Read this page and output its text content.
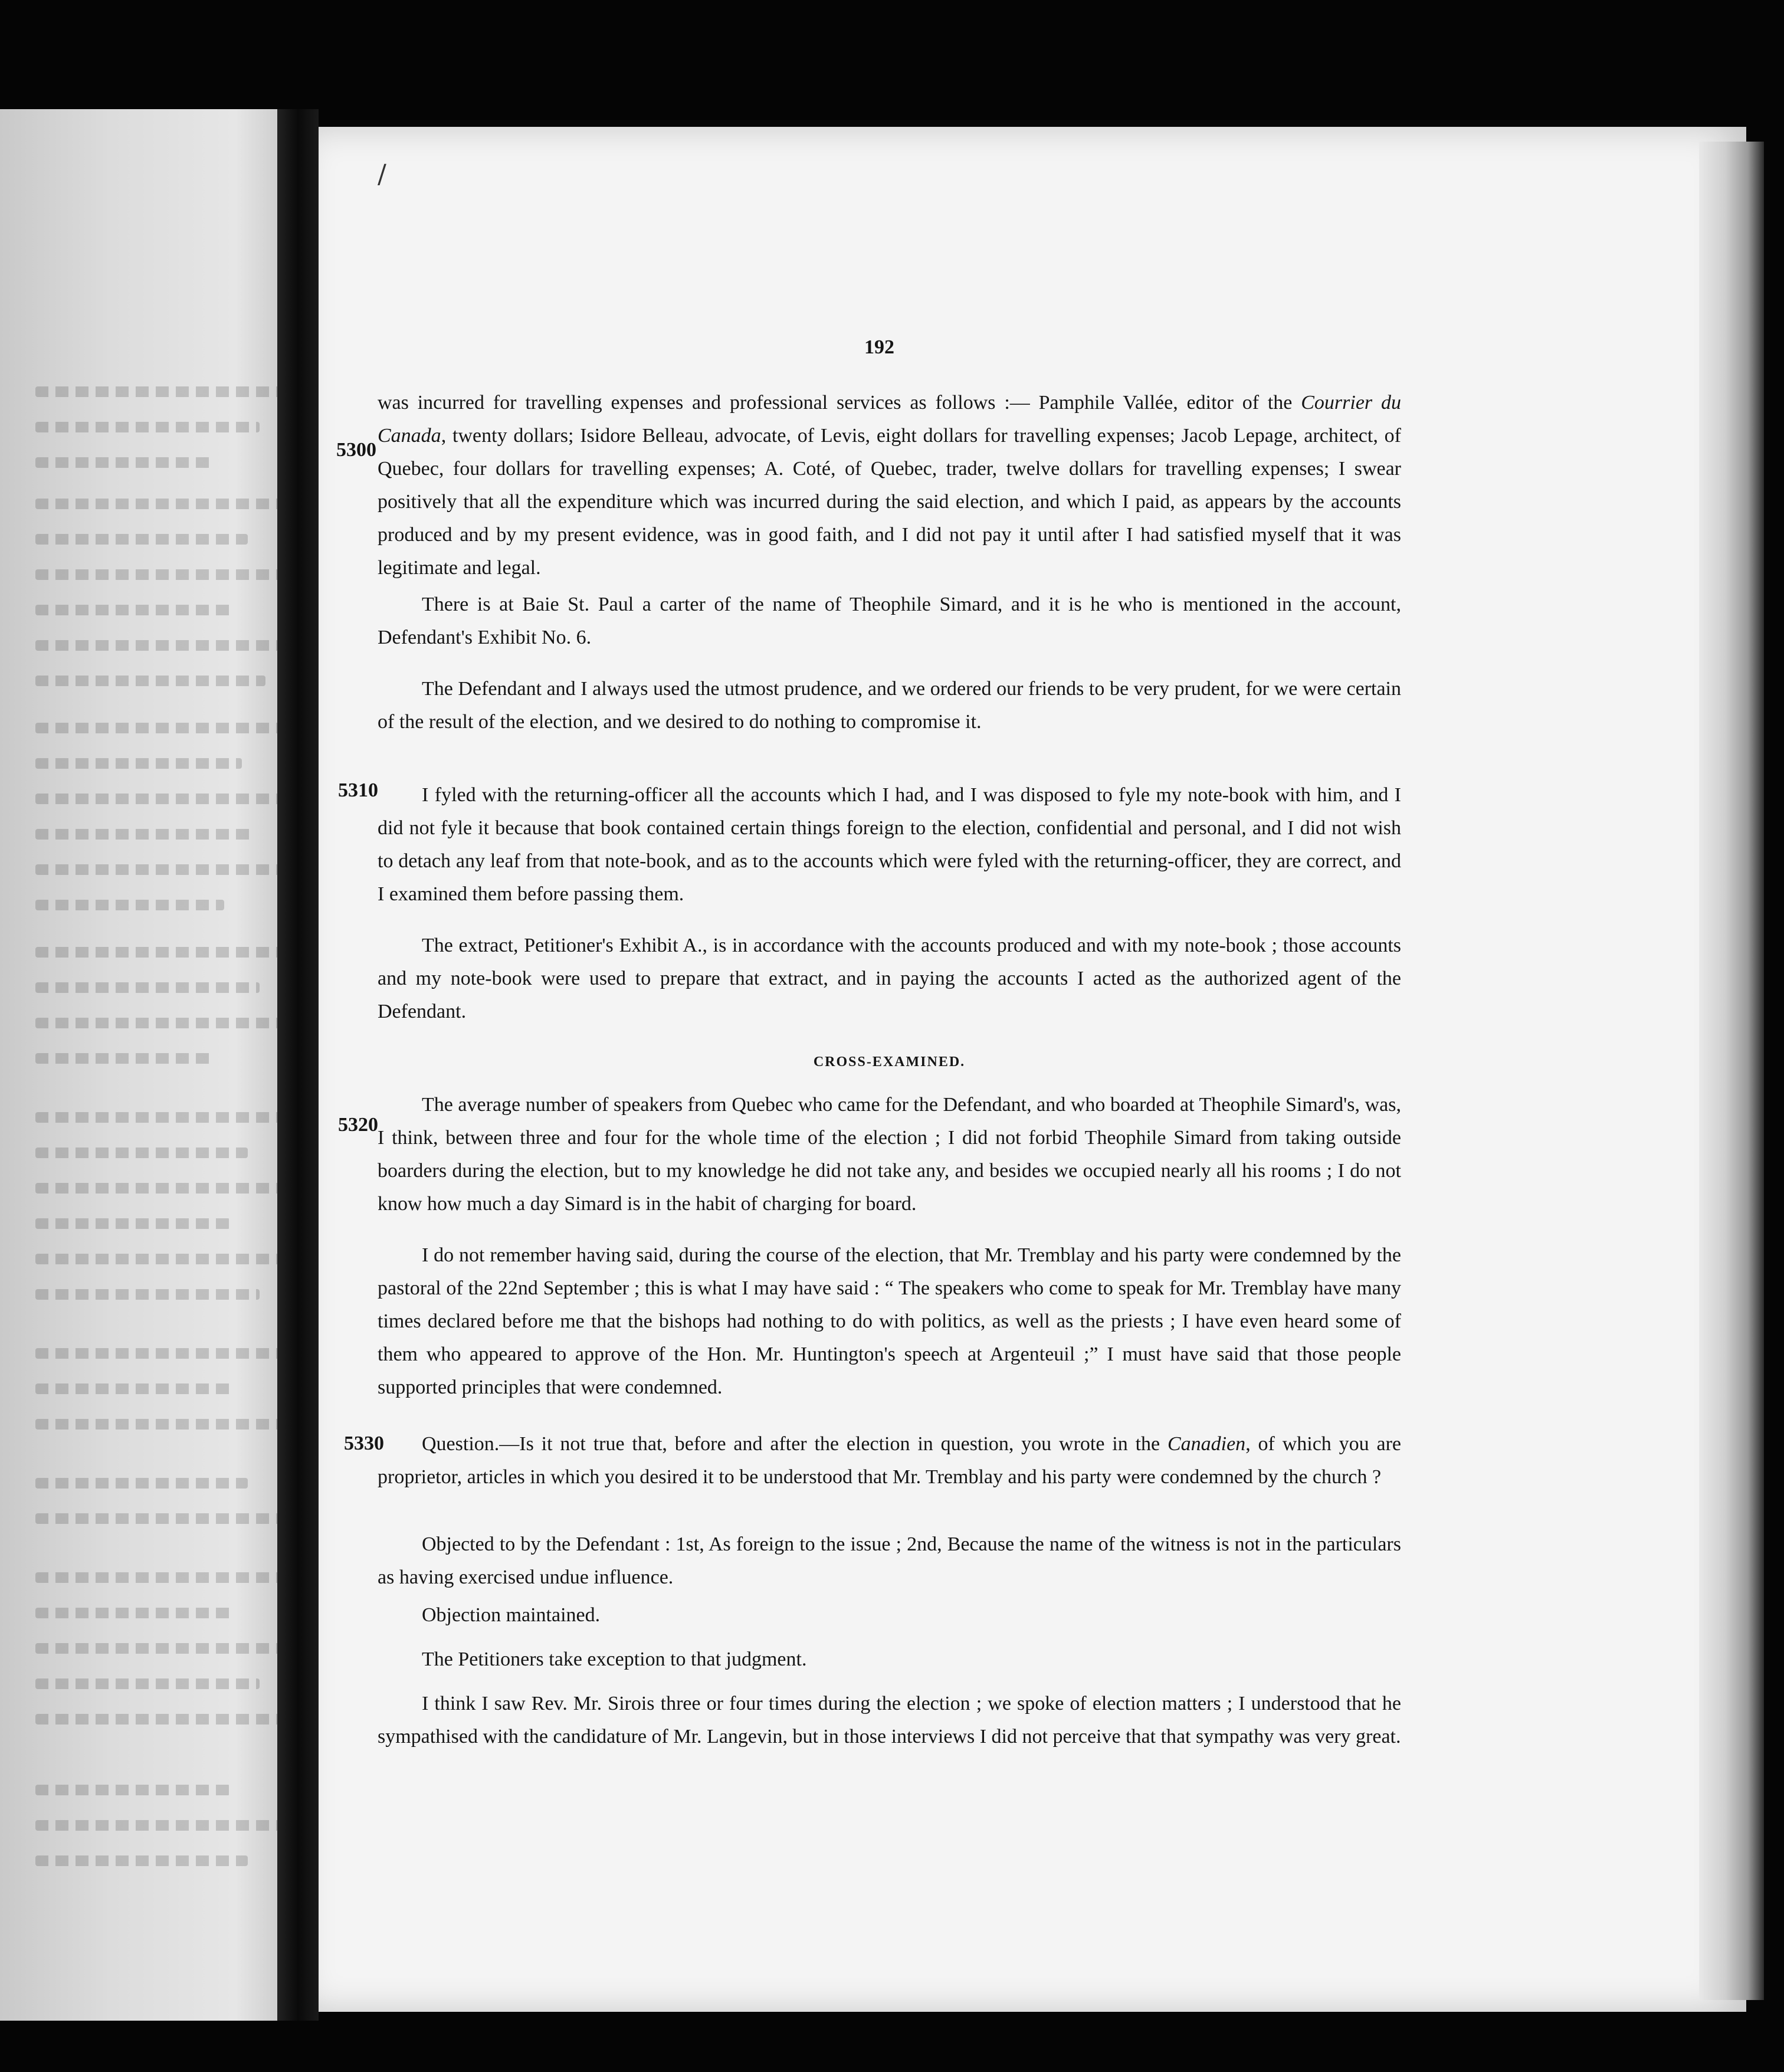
/
192
5300
5310
5320
5330

was incurred for travelling expenses and professional services as follows :— Pamphile Vallée, editor of the Courrier du Canada, twenty dollars; Isidore Belleau, advocate, of Levis, eight dollars for travelling expenses; Jacob Lepage, architect, of Quebec, four dollars for travelling expenses; A. Coté, of Quebec, trader, twelve dollars for travelling expenses; I swear positively that all the expenditure which was incurred during the said election, and which I paid, as appears by the accounts produced and by my present evidence, was in good faith, and I did not pay it until after I had satisfied myself that it was legitimate and legal.

There is at Baie St. Paul a carter of the name of Theophile Simard, and it is he who is mentioned in the account, Defendant's Exhibit No. 6.

The Defendant and I always used the utmost prudence, and we ordered our friends to be very prudent, for we were certain of the result of the election, and we desired to do nothing to compromise it.

I fyled with the returning-officer all the accounts which I had, and I was disposed to fyle my note-book with him, and I did not fyle it because that book contained certain things foreign to the election, confidential and personal, and I did not wish to detach any leaf from that note-book, and as to the accounts which were fyled with the returning-officer, they are correct, and I examined them before passing them.

The extract, Petitioner's Exhibit A., is in accordance with the accounts produced and with my note-book ; those accounts and my note-book were used to prepare that extract, and in paying the accounts I acted as the authorized agent of the Defendant.

CROSS-EXAMINED.

The average number of speakers from Quebec who came for the Defendant, and who boarded at Theophile Simard's, was, I think, between three and four for the whole time of the election ; I did not forbid Theophile Simard from taking outside boarders during the election, but to my knowledge he did not take any, and besides we occupied nearly all his rooms ; I do not know how much a day Simard is in the habit of charging for board.

I do not remember having said, during the course of the election, that Mr. Tremblay and his party were condemned by the pastoral of the 22nd September ; this is what I may have said : “ The speakers who come to speak for Mr. Tremblay have many times declared before me that the bishops had nothing to do with politics, as well as the priests ; I have even heard some of them who appeared to approve of the Hon. Mr. Huntington's speech at Argenteuil ;” I must have said that those people supported principles that were condemned.

Question.—Is it not true that, before and after the election in question, you wrote in the Canadien, of which you are proprietor, articles in which you desired it to be understood that Mr. Tremblay and his party were condemned by the church ?

Objected to by the Defendant : 1st, As foreign to the issue ; 2nd, Because the name of the witness is not in the particulars as having exercised undue influence.

Objection maintained.

The Petitioners take exception to that judgment.

I think I saw Rev. Mr. Sirois three or four times during the election ; we spoke of election matters ; I understood that he sympathised with the candidature of Mr. Langevin, but in those interviews I did not perceive that that sympathy was very great.
